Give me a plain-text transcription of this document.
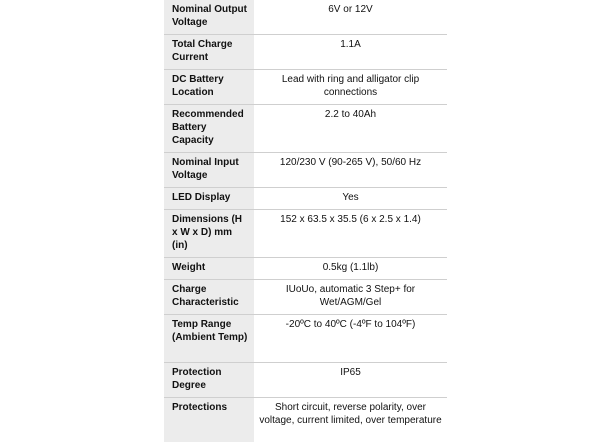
Nominal Output Voltage	6V or 12V
Total Charge Current	1.1A
DC Battery Location	Lead with ring and alligator clip connections
Recommended Battery Capacity	2.2 to 40Ah
Nominal Input Voltage	120/230 V (90-265 V), 50/60 Hz
LED Display	Yes
Dimensions (H x W x D) mm (in)	152 x 63.5 x 35.5 (6 x 2.5 x 1.4)
Weight	0.5kg (1.1lb)
Charge Characteristic	IUoUo, automatic 3 Step+ for Wet/AGM/Gel
Temp Range (Ambient Temp)	-20ºC to 40ºC (-4ºF to 104ºF)
Protection Degree	IP65
Protections	Short circuit, reverse polarity, over voltage, current limited, over temperature
